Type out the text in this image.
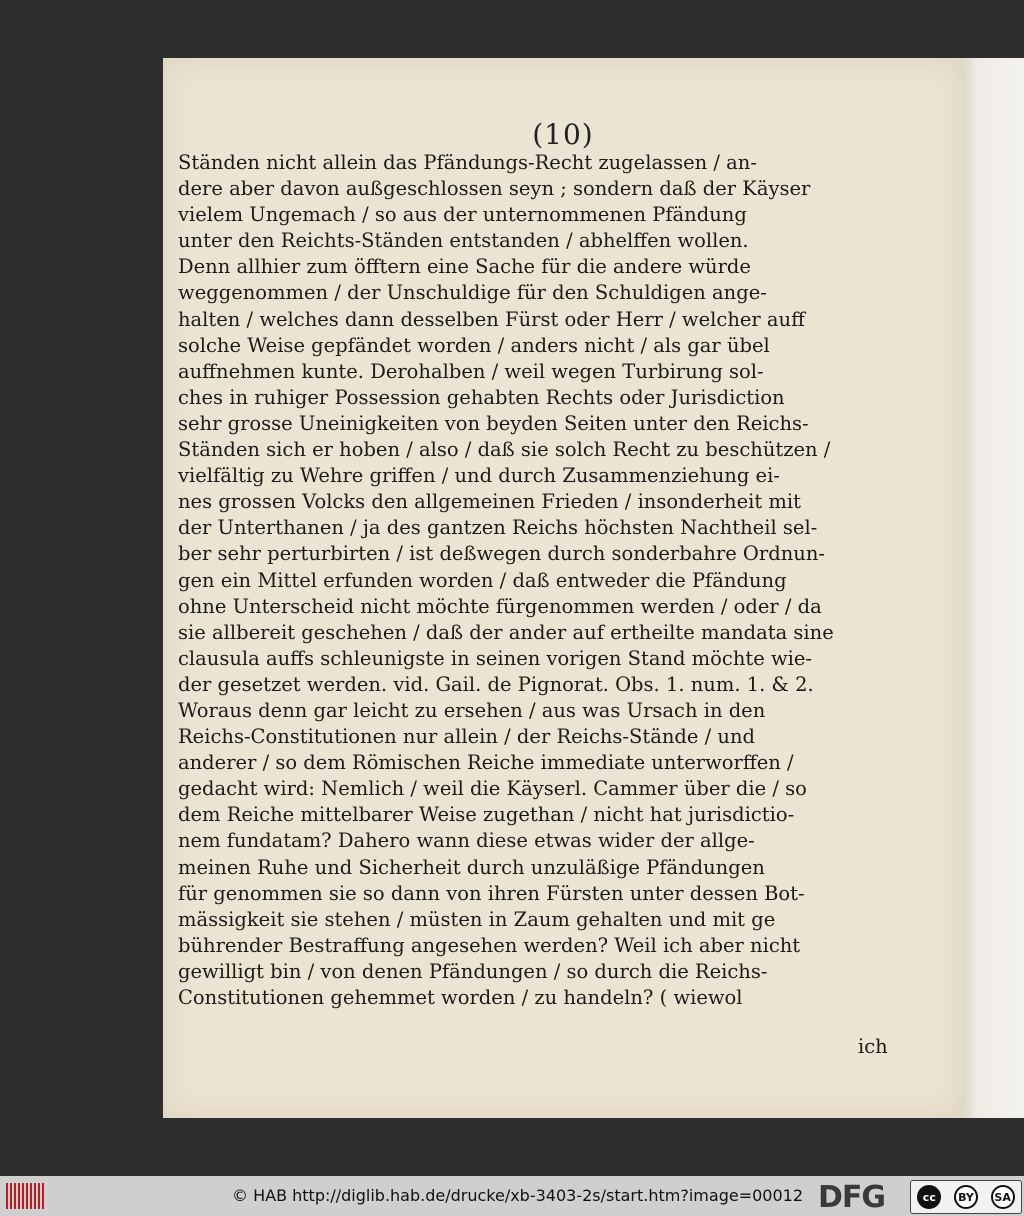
(10)
Ständen nicht allein das Pfändungs-Recht zugelassen / an-
dere aber davon außgeschlossen seyn ; sondern daß der Käyser
vielem Ungemach / so aus der unternommenen Pfändung
unter den Reichts-Ständen entstanden / abhelffen wollen.
Denn allhier zum öfftern eine Sache für die andere würde
weggenommen / der Unschuldige für den Schuldigen ange-
halten / welches dann desselben Fürst oder Herr / welcher auff
solche Weise gepfändet worden / anders nicht / als gar übel
auffnehmen kunte. Derohalben / weil wegen Turbirung sol-
ches in ruhiger Possession gehabten Rechts oder Jurisdiction
sehr grosse Uneinigkeiten von beyden Seiten unter den Reichs-
Ständen sich er hoben / also / daß sie solch Recht zu beschützen /
vielfältig zu Wehre griffen / und durch Zusammenziehung ei-
nes grossen Volcks den allgemeinen Frieden / insonderheit mit
der Unterthanen / ja des gantzen Reichs höchsten Nachtheil sel-
ber sehr perturbirten / ist deßwegen durch sonderbahre Ordnun-
gen ein Mittel erfunden worden / daß entweder die Pfändung
ohne Unterscheid nicht möchte fürgenommen werden / oder / da
sie allbereit geschehen / daß der ander auf ertheilte mandata sine
clausula auffs schleunigste in seinen vorigen Stand möchte wie-
der gesetzet werden. vid. Gail. de Pignorat. Obs. 1. num. 1. & 2.
Woraus denn gar leicht zu ersehen / aus was Ursach in den
Reichs-Constitutionen nur allein / der Reichs-Stände / und
anderer / so dem Römischen Reiche immediate unterworffen /
gedacht wird: Nemlich / weil die Käyserl. Cammer über die / so
dem Reiche mittelbarer Weise zugethan / nicht hat jurisdictio-
nem fundatam? Dahero wann diese etwas wider der allge-
meinen Ruhe und Sicherheit durch unzuläßige Pfändungen
für genommen sie so dann von ihren Fürsten unter dessen Bot-
mässigkeit sie stehen / müsten in Zaum gehalten und mit ge
bührender Bestraffung angesehen werden? Weil ich aber nicht
gewilligt bin / von denen Pfändungen / so durch die Reichs-
Constitutionen gehemmet worden / zu handeln? ( wiewol
ich
© HAB http://diglib.hab.de/drucke/xb-3403-2s/start.htm?image=00012 DFG	cc	BY	SA
